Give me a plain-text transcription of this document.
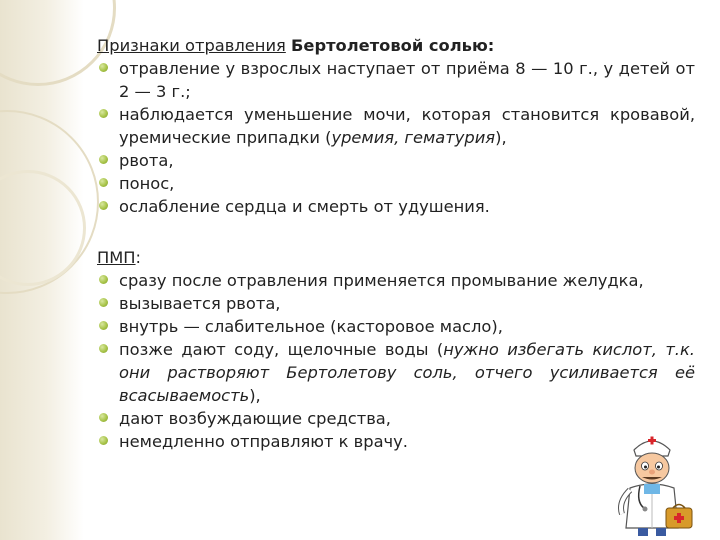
Признаки отравления Бертолетовой солью:

отравление у взрослых наступает от приёма 8 — 10 г., у детей от 2 — 3 г.;
наблюдается уменьшение мочи, которая становится кровавой, уремические припадки (уремия, гематурия),
рвота,
понос,
ослабление сердца и смерть от удушения.

ПМП:

сразу после отравления применяется промывание желудка,
вызывается рвота,
внутрь — слабительное (касторовое масло),
позже дают соду, щелочные воды (нужно избегать кислот, т.к. они растворяют Бертолетову соль, отчего усиливается её всасываемость),
дают возбуждающие средства,
немедленно отправляют к врачу.
